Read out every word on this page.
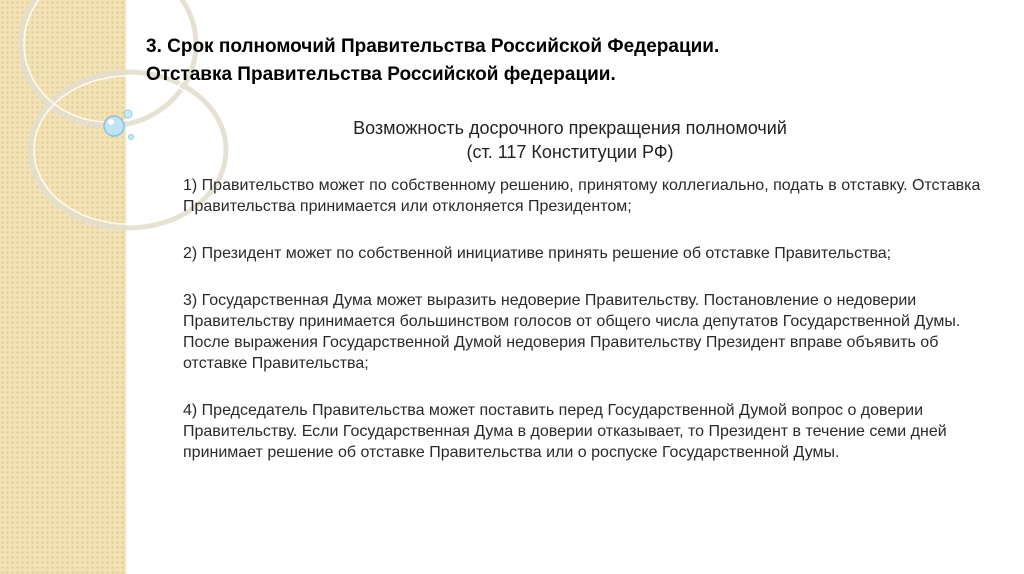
3. Срок полномочий Правительства Российской Федерации.
Отставка Правительства Российской федерации.
Возможность досрочного прекращения полномочий
(ст. 117 Конституции РФ)

1) Правительство может по собственному решению, принятому коллегиально, подать в отставку. Отставка Правительства принимается или отклоняется Президентом;

2) Президент может по собственной инициативе принять решение об отставке Правительства;

3) Государственная Дума может выразить недоверие Правительству. Постановление о недоверии Правительству принимается большинством голосов от общего числа депутатов Государственной Думы. После выражения Государственной Думой недоверия Правительству Президент вправе объявить об отставке Правительства;

4) Председатель Правительства может поставить перед Государственной Думой вопрос о доверии Правительству. Если Государственная Дума в доверии отказывает, то Президент в течение семи дней принимает решение об отставке Правительства или о роспуске Государственной Думы.
